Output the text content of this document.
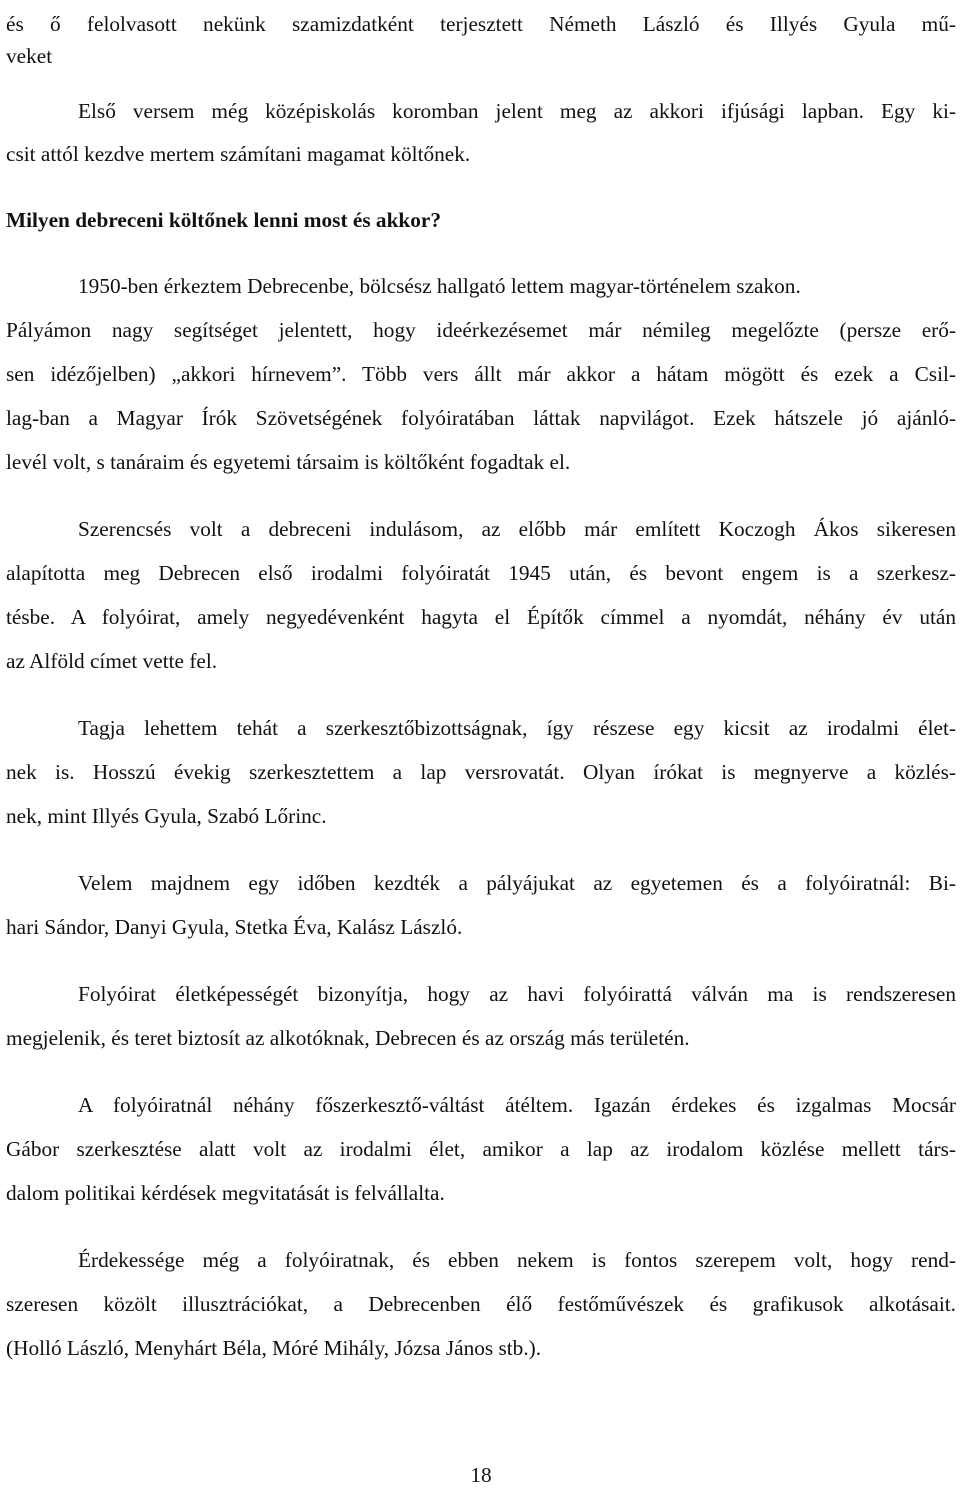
és ő felolvasott nekünk szamizdatként terjesztett Németh László és Illyés Gyula mű-
veket
Első versem még középiskolás koromban jelent meg az akkori ifjúsági lapban. Egy ki-
csit attól kezdve mertem számítani magamat költőnek.
Milyen debreceni költőnek lenni most és akkor?
1950-ben érkeztem Debrecenbe, bölcsész hallgató lettem magyar-történelem szakon.
Pályámon nagy segítséget jelentett, hogy ideérkezésemet már némileg megelőzte (persze erő-
sen idézőjelben) „akkori hírnevem”. Több vers állt már akkor a hátam mögött és ezek a Csil-
lag-ban a Magyar Írók Szövetségének folyóiratában láttak napvilágot. Ezek hátszele jó ajánló-
levél volt, s tanáraim és egyetemi társaim is költőként fogadtak el.
Szerencsés volt a debreceni indulásom, az előbb már említett Koczogh Ákos sikeresen
alapította meg Debrecen első irodalmi folyóiratát 1945 után, és bevont engem is a szerkesz-
tésbe. A folyóirat, amely negyedévenként hagyta el Építők címmel a nyomdát, néhány év után
az Alföld címet vette fel.
Tagja lehettem tehát a szerkesztőbizottságnak, így részese egy kicsit az irodalmi élet-
nek is. Hosszú évekig szerkesztettem a lap versrovatát. Olyan írókat is megnyerve a közlés-
nek, mint Illyés Gyula, Szabó Lőrinc.
Velem majdnem egy időben kezdték a pályájukat az egyetemen és a folyóiratnál: Bi-
hari Sándor, Danyi Gyula, Stetka Éva, Kalász László.
Folyóirat életképességét bizonyítja, hogy az havi folyóirattá válván ma is rendszeresen
megjelenik, és teret biztosít az alkotóknak, Debrecen és az ország más területén.
A folyóiratnál néhány főszerkesztő-váltást átéltem. Igazán érdekes és izgalmas Mocsár
Gábor szerkesztése alatt volt az irodalmi élet, amikor a lap az irodalom közlése mellett társ-
dalom politikai kérdések megvitatását is felvállalta.
Érdekessége még a folyóiratnak, és ebben nekem is fontos szerepem volt, hogy rend-
szeresen közölt illusztrációkat, a Debrecenben élő festőművészek és grafikusok alkotásait.
(Holló László, Menyhárt Béla, Móré Mihály, Józsa János stb.).
18
